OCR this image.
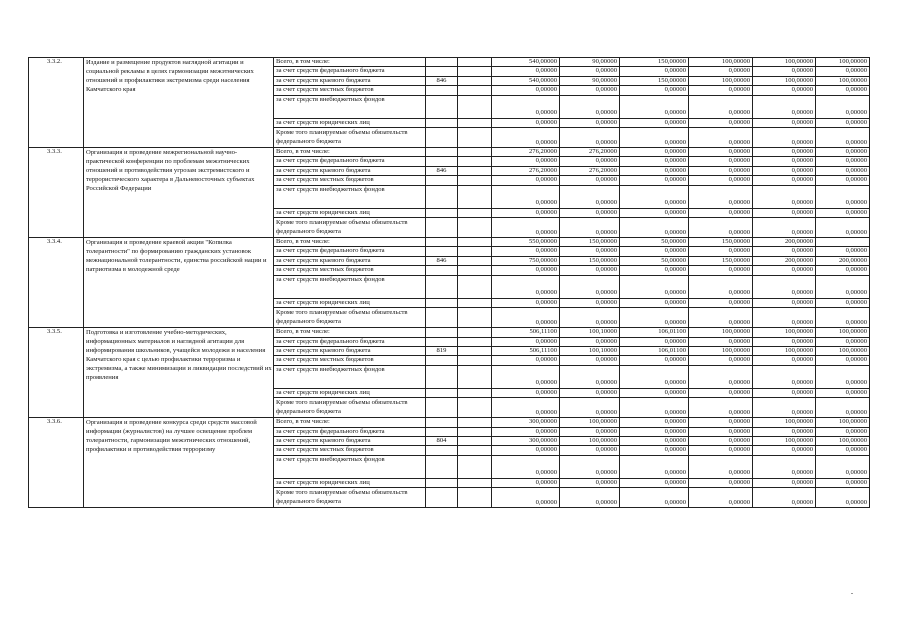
3.3.2.	Издание и размещение продуктов наглядной агитации и социальной рекламы в целях гармонизации межэтнических отношений и профилактики экстремизма среди населения Камчатского края	Всего, в том числе:			540,00000	90,00000	150,00000	100,00000	100,00000	100,00000
		за счет средств федерального бюджета			0,00000	0,00000	0,00000	0,00000	0,00000	0,00000
		за счет средств краевого бюджета	846		540,00000	90,00000	150,00000	100,00000	100,00000	100,00000
		за счет средств местных бюджетов			0,00000	0,00000	0,00000	0,00000	0,00000	0,00000
		за счет средств внебюджетных фондов			0,00000	0,00000	0,00000	0,00000	0,00000	0,00000
		за счет средств юридических лиц			0,00000	0,00000	0,00000	0,00000	0,00000	0,00000
		Кроме того планируемые объемы обязательств федерального бюджета			0,00000	0,00000	0,00000	0,00000	0,00000	0,00000
3.3.3.	Организация и проведение межрегиональной научно-практической конференции по проблемам межэтнических отношений и противодействия угрозам экстремистского и террористического характера в Дальневосточных субъектах Российской Федерации	Всего, в том числе:			276,20000	276,20000	0,00000	0,00000	0,00000	0,00000
		за счет средств федерального бюджета			0,00000	0,00000	0,00000	0,00000	0,00000	0,00000
		за счет средств краевого бюджета	846		276,20000	276,20000	0,00000	0,00000	0,00000	0,00000
		за счет средств местных бюджетов			0,00000	0,00000	0,00000	0,00000	0,00000	0,00000
		за счет средств внебюджетных фондов			0,00000	0,00000	0,00000	0,00000	0,00000	0,00000
		за счет средств юридических лиц			0,00000	0,00000	0,00000	0,00000	0,00000	0,00000
		Кроме того планируемые объемы обязательств федерального бюджета			0,00000	0,00000	0,00000	0,00000	0,00000	0,00000
3.3.4.	Организация и проведение краевой акции "Копилка толерантности" по формированию гражданских установок межнациональной толерантности, единства российской нации и патриотизма в молодежной среде	Всего, в том числе:			550,00000	150,00000	50,00000	150,00000	200,00000	
		за счет средств федерального бюджета			0,00000	0,00000	0,00000	0,00000	0,00000	0,00000
		за счет средств краевого бюджета	846		750,00000	150,00000	50,00000	150,00000	200,00000	200,00000
		за счет средств местных бюджетов			0,00000	0,00000	0,00000	0,00000	0,00000	0,00000
		за счет средств внебюджетных фондов			0,00000	0,00000	0,00000	0,00000	0,00000	0,00000
		за счет средств юридических лиц			0,00000	0,00000	0,00000	0,00000	0,00000	0,00000
		Кроме того планируемые объемы обязательств федерального бюджета			0,00000	0,00000	0,00000	0,00000	0,00000	0,00000
3.3.5.	Подготовка и изготовление учебно-методических, информационных материалов и наглядной агитации для информирования школьников, учащейся молодежи и населения Камчатского края с целью профилактики терроризма и экстремизма, а также минимизации и ликвидации последствий их проявления	Всего, в том числе:			506,11100	100,10000	106,01100	100,00000	100,00000	100,00000
		за счет средств федерального бюджета			0,00000	0,00000	0,00000	0,00000	0,00000	0,00000
		за счет средств краевого бюджета	819		506,11100	100,10000	106,01100	100,00000	100,00000	100,00000
		за счет средств местных бюджетов			0,00000	0,00000	0,00000	0,00000	0,00000	0,00000
		за счет средств внебюджетных фондов			0,00000	0,00000	0,00000	0,00000	0,00000	0,00000
		за счет средств юридических лиц			0,00000	0,00000	0,00000	0,00000	0,00000	0,00000
		Кроме того планируемые объемы обязательств федерального бюджета			0,00000	0,00000	0,00000	0,00000	0,00000	0,00000
3.3.6.	Организация и проведение конкурса среди средств массовой информации (журналистов) на лучшее освещение проблем толерантности, гармонизации межэтнических отношений, профилактики и противодействия терроризму	Всего, в том числе:			300,00000	100,00000	0,00000	0,00000	100,00000	100,00000
		за счет средств федерального бюджета			0,00000	0,00000	0,00000	0,00000	0,00000	0,00000
		за счет средств краевого бюджета	804		300,00000	100,00000	0,00000	0,00000	100,00000	100,00000
		за счет средств местных бюджетов			0,00000	0,00000	0,00000	0,00000	0,00000	0,00000
		за счет средств внебюджетных фондов			0,00000	0,00000	0,00000	0,00000	0,00000	0,00000
		за счет средств юридических лиц			0,00000	0,00000	0,00000	0,00000	0,00000	0,00000
		Кроме того планируемые объемы обязательств федерального бюджета			0,00000	0,00000	0,00000	0,00000	0,00000	0,00000
